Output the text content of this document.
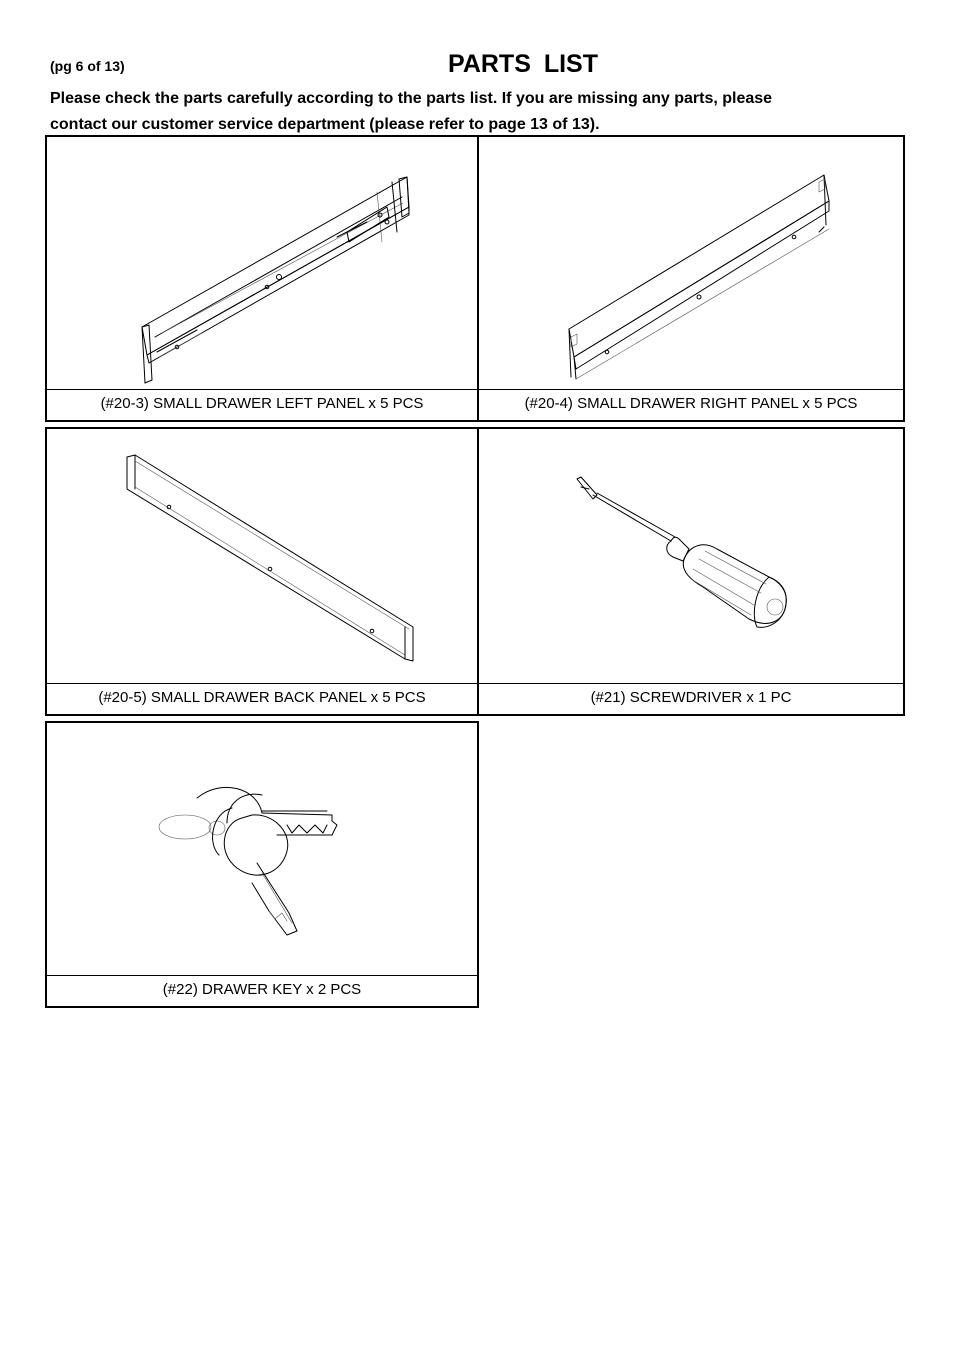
(pg 6 of 13)	PARTS LIST
Please check the parts carefully according to the parts list. If you are missing any parts, please
contact our customer service department (please refer to page 13 of 13).
(#20-3) SMALL DRAWER LEFT PANEL x 5 PCS	(#20-4) SMALL DRAWER RIGHT PANEL x 5 PCS
(#20-5) SMALL DRAWER BACK PANEL x 5 PCS	(#21) SCREWDRIVER x 1 PC
(#22) DRAWER KEY x 2 PCS
